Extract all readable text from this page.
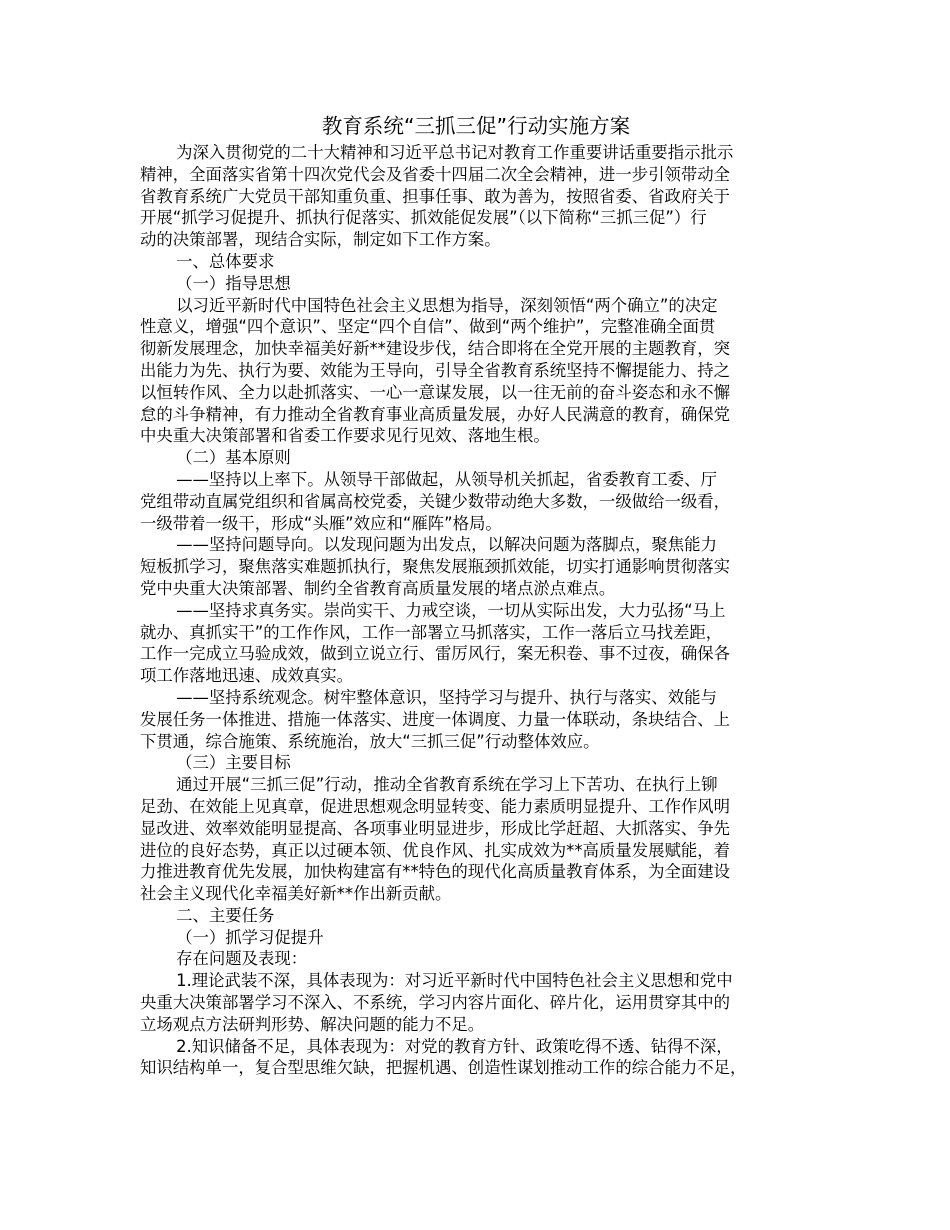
教育系统“三抓三促”行动实施方案
为深入贯彻党的二十大精神和习近平总书记对教育工作重要讲话重要指示批示
精神，全面落实省第十四次党代会及省委十四届二次全会精神，进一步引领带动全
省教育系统广大党员干部知重负重、担事任事、敢为善为，按照省委、省政府关于
开展“抓学习促提升、抓执行促落实、抓效能促发展”（以下简称“三抓三促”）行
动的决策部署，现结合实际，制定如下工作方案。

一、总体要求

（一）指导思想

以习近平新时代中国特色社会主义思想为指导，深刻领悟“两个确立”的决定
性意义，增强“四个意识”、坚定“四个自信”、做到“两个维护”，完整准确全面贯
彻新发展理念，加快幸福美好新**建设步伐，结合即将在全党开展的主题教育，突
出能力为先、执行为要、效能为王导向，引导全省教育系统坚持不懈提能力、持之
以恒转作风、全力以赴抓落实、一心一意谋发展，以一往无前的奋斗姿态和永不懈
怠的斗争精神，有力推动全省教育事业高质量发展，办好人民满意的教育，确保党
中央重大决策部署和省委工作要求见行见效、落地生根。

（二）基本原则

——坚持以上率下。从领导干部做起，从领导机关抓起，省委教育工委、厅
党组带动直属党组织和省属高校党委，关键少数带动绝大多数，一级做给一级看，
一级带着一级干，形成“头雁”效应和“雁阵”格局。
——坚持问题导向。以发现问题为出发点，以解决问题为落脚点，聚焦能力
短板抓学习，聚焦落实难题抓执行，聚焦发展瓶颈抓效能，切实打通影响贯彻落实
党中央重大决策部署、制约全省教育高质量发展的堵点淤点难点。
——坚持求真务实。崇尚实干、力戒空谈，一切从实际出发，大力弘扬“马上
就办、真抓实干”的工作作风，工作一部署立马抓落实，工作一落后立马找差距，
工作一完成立马验成效，做到立说立行、雷厉风行，案无积卷、事不过夜，确保各
项工作落地迅速、成效真实。
——坚持系统观念。树牢整体意识，坚持学习与提升、执行与落实、效能与
发展任务一体推进、措施一体落实、进度一体调度、力量一体联动，条块结合、上
下贯通，综合施策、系统施治，放大“三抓三促”行动整体效应。

（三）主要目标

通过开展“三抓三促”行动，推动全省教育系统在学习上下苦功、在执行上铆
足劲、在效能上见真章，促进思想观念明显转变、能力素质明显提升、工作作风明
显改进、效率效能明显提高、各项事业明显进步，形成比学赶超、大抓落实、争先
进位的良好态势，真正以过硬本领、优良作风、扎实成效为**高质量发展赋能，着
力推进教育优先发展，加快构建富有**特色的现代化高质量教育体系，为全面建设
社会主义现代化幸福美好新**作出新贡献。

二、主要任务

（一）抓学习促提升

存在问题及表现：

1.理论武装不深，具体表现为：对习近平新时代中国特色社会主义思想和党中
央重大决策部署学习不深入、不系统，学习内容片面化、碎片化，运用贯穿其中的
立场观点方法研判形势、解决问题的能力不足。
2.知识储备不足，具体表现为：对党的教育方针、政策吃得不透、钻得不深，
知识结构单一，复合型思维欠缺，把握机遇、创造性谋划推动工作的综合能力不足，
